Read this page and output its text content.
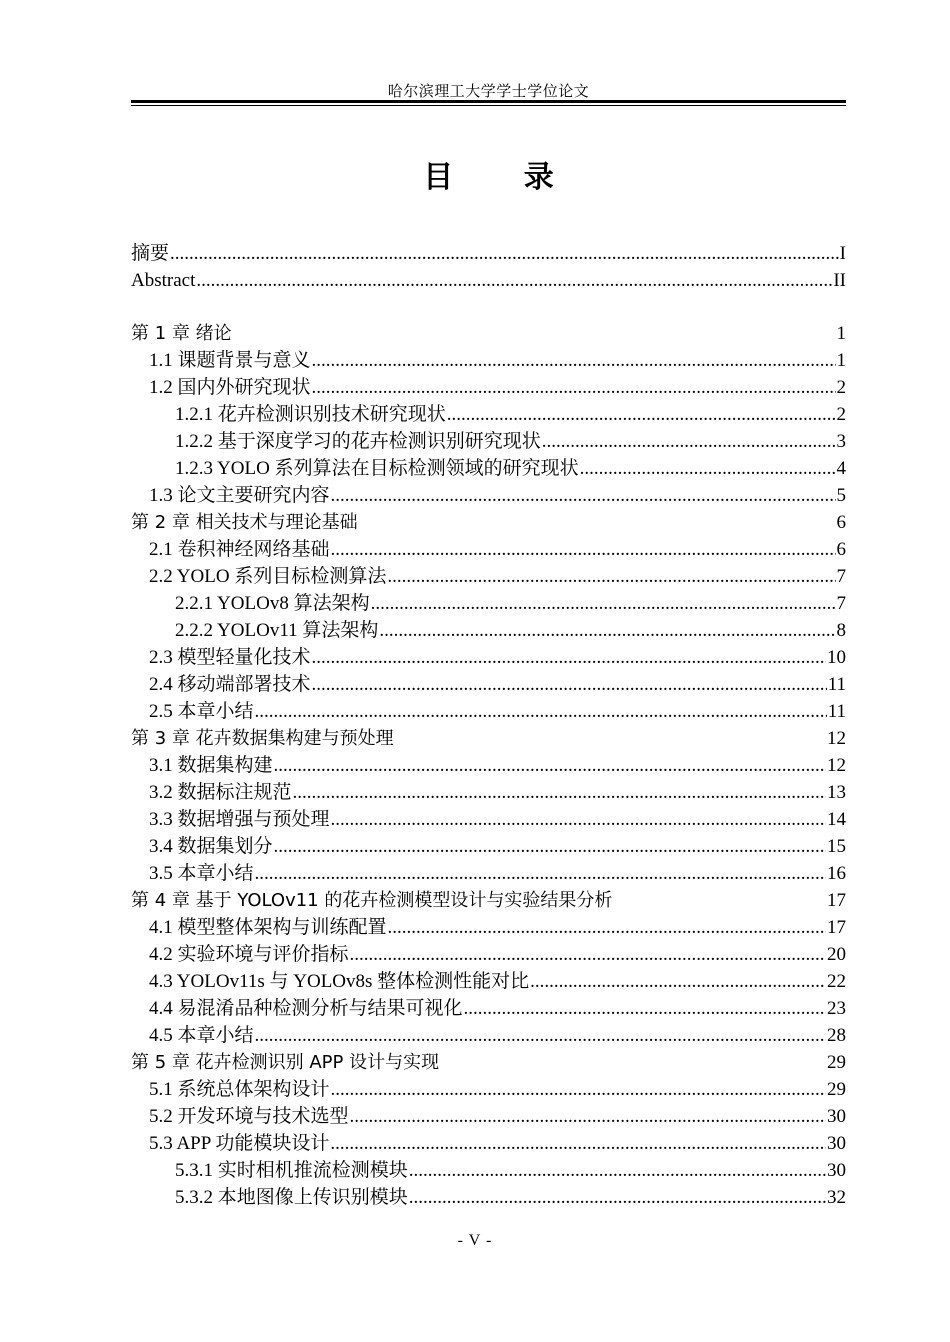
哈尔滨理工大学学士学位论文
目 录
摘要 .....	I
Abstract .....	II
第 1 章 绪论	1
1.1 课题背景与意义 .....	1
1.2 国内外研究现状 .....	2
1.2.1 花卉检测识别技术研究现状 .....	2
1.2.2 基于深度学习的花卉检测识别研究现状 .....	3
1.2.3 YOLO 系列算法在目标检测领域的研究现状 .....	4
1.3 论文主要研究内容 .....	5
第 2 章 相关技术与理论基础	6
2.1 卷积神经网络基础 .....	6
2.2 YOLO 系列目标检测算法 .....	7
2.2.1 YOLOv8 算法架构 .....	7
2.2.2 YOLOv11 算法架构 .....	8
2.3 模型轻量化技术 .....	10
2.4 移动端部署技术 .....	11
2.5 本章小结 .....	11
第 3 章 花卉数据集构建与预处理	12
3.1 数据集构建 .....	12
3.2 数据标注规范 .....	13
3.3 数据增强与预处理 .....	14
3.4 数据集划分 .....	15
3.5 本章小结 .....	16
第 4 章 基于 YOLOv11 的花卉检测模型设计与实验结果分析	17
4.1 模型整体架构与训练配置 .....	17
4.2 实验环境与评价指标 .....	20
4.3 YOLOv11s 与 YOLOv8s 整体检测性能对比 .....	22
4.4 易混淆品种检测分析与结果可视化 .....	23
4.5 本章小结 .....	28
第 5 章 花卉检测识别 APP 设计与实现	29
5.1 系统总体架构设计 .....	29
5.2 开发环境与技术选型 .....	30
5.3 APP 功能模块设计 .....	30
5.3.1 实时相机推流检测模块 .....	30
5.3.2 本地图像上传识别模块 .....	32
- V -
